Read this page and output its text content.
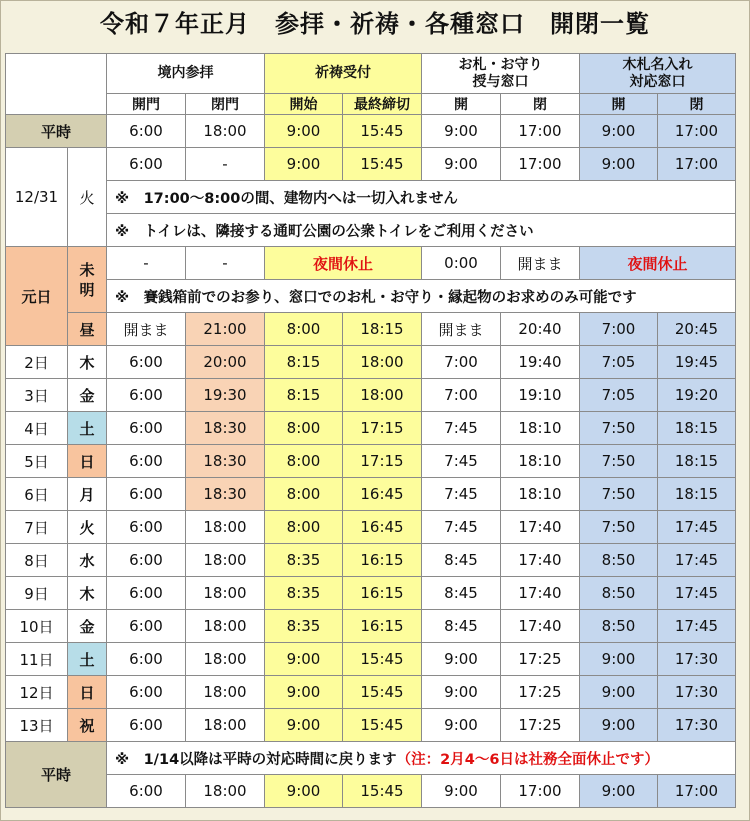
令和７年正月　参拝・祈祷・各種窓口　開閉一覧
		境内参拝		祈祷受付		お札・お守り
授与窓口		木札名入れ
対応窓口	
		開門	閉門	開始	最終締切	開	閉	開	閉
平時		6:00	18:00	9:00	15:45	9:00	17:00	9:00	17:00
12/31	火	6:00	-	9:00	15:45	9:00	17:00	9:00	17:00
		※　17:00～8:00の間、建物内へは一切入れません							
		※　トイレは、隣接する通町公園の公衆トイレをご利用ください							
元日	未明	-	-	夜間休止		0:00	開まま	夜間休止	
		※　賽銭箱前でのお参り、窓口でのお札・お守り・縁起物のお求めのみ可能です							
	昼	開まま	21:00	8:00	18:15	開まま	20:40	7:00	20:45
2日	木	6:00	20:00	8:15	18:00	7:00	19:40	7:05	19:45
3日	金	6:00	19:30	8:15	18:00	7:00	19:10	7:05	19:20
4日	土	6:00	18:30	8:00	17:15	7:45	18:10	7:50	18:15
5日	日	6:00	18:30	8:00	17:15	7:45	18:10	7:50	18:15
6日	月	6:00	18:30	8:00	16:45	7:45	18:10	7:50	18:15
7日	火	6:00	18:00	8:00	16:45	7:45	17:40	7:50	17:45
8日	水	6:00	18:00	8:35	16:15	8:45	17:40	8:50	17:45
9日	木	6:00	18:00	8:35	16:15	8:45	17:40	8:50	17:45
10日	金	6:00	18:00	8:35	16:15	8:45	17:40	8:50	17:45
11日	土	6:00	18:00	9:00	15:45	9:00	17:25	9:00	17:30
12日	日	6:00	18:00	9:00	15:45	9:00	17:25	9:00	17:30
13日	祝	6:00	18:00	9:00	15:45	9:00	17:25	9:00	17:30
平時		※　1/14以降は平時の対応時間に戻ります（注：2月4～6日は社務全面休止です）							
		6:00	18:00	9:00	15:45	9:00	17:00	9:00	17:00
